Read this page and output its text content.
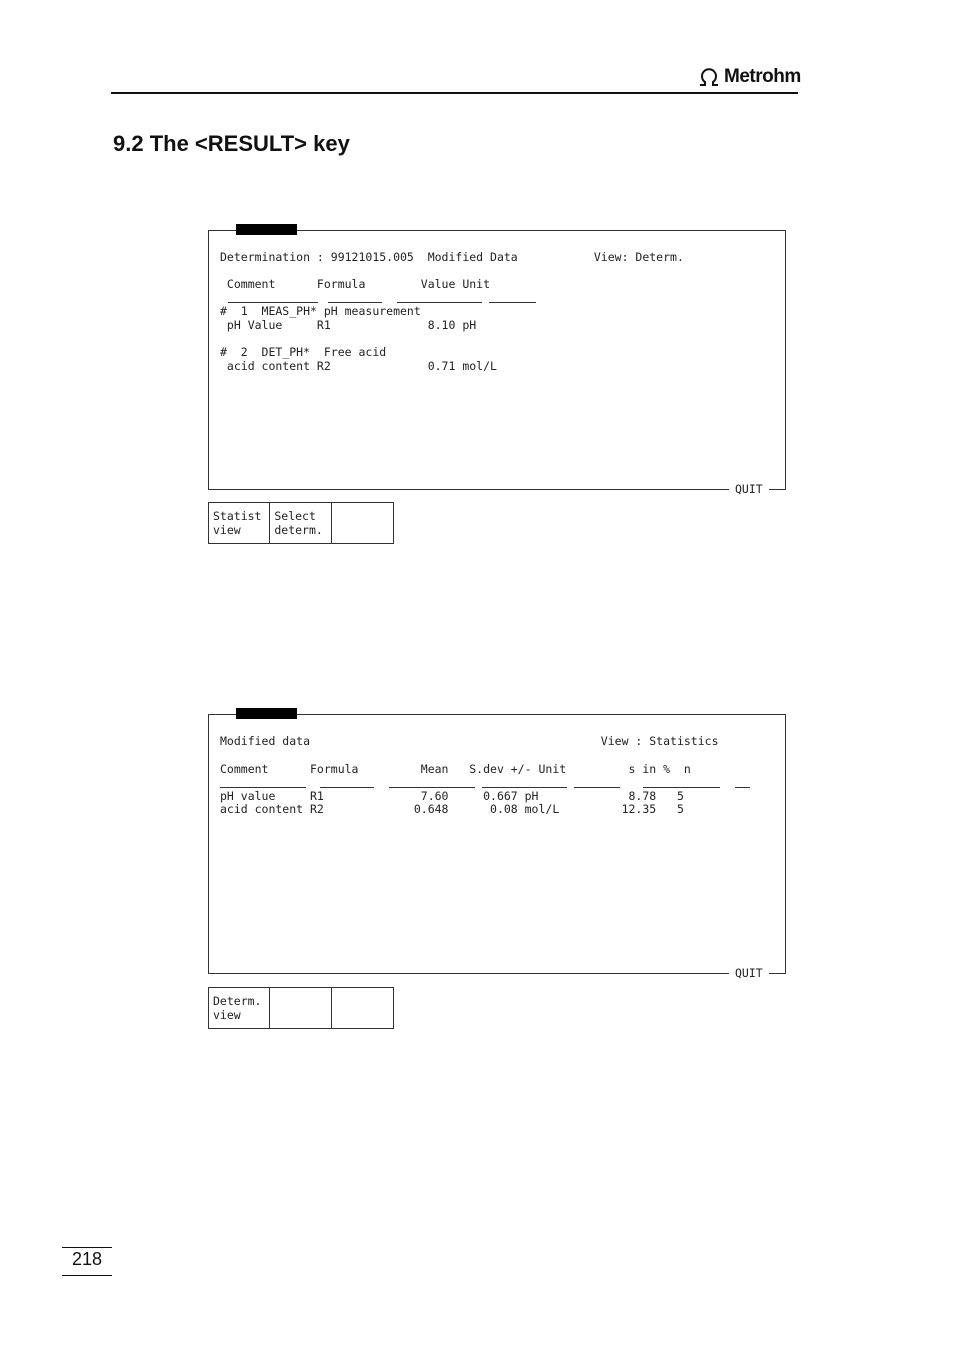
Metrohm
9.2 The <RESULT> key
Determination : 99121015.005  Modified Data           View: Determ.
Comment      Formula        Value Unit
#  1  MEAS_PH* pH measurement
pH Value     R1              8.10 pH
#  2  DET_PH*  Free acid
acid content R2              0.71 mol/L
QUIT
Statist
view
Select
determ.
Modified data                                          View : Statistics
Comment      Formula         Mean   S.dev +/- Unit         s in %  n
pH value     R1              7.60     0.667 pH             8.78   5
acid content R2             0.648      0.08 mol/L         12.35   5
QUIT
Determ.
view
218
